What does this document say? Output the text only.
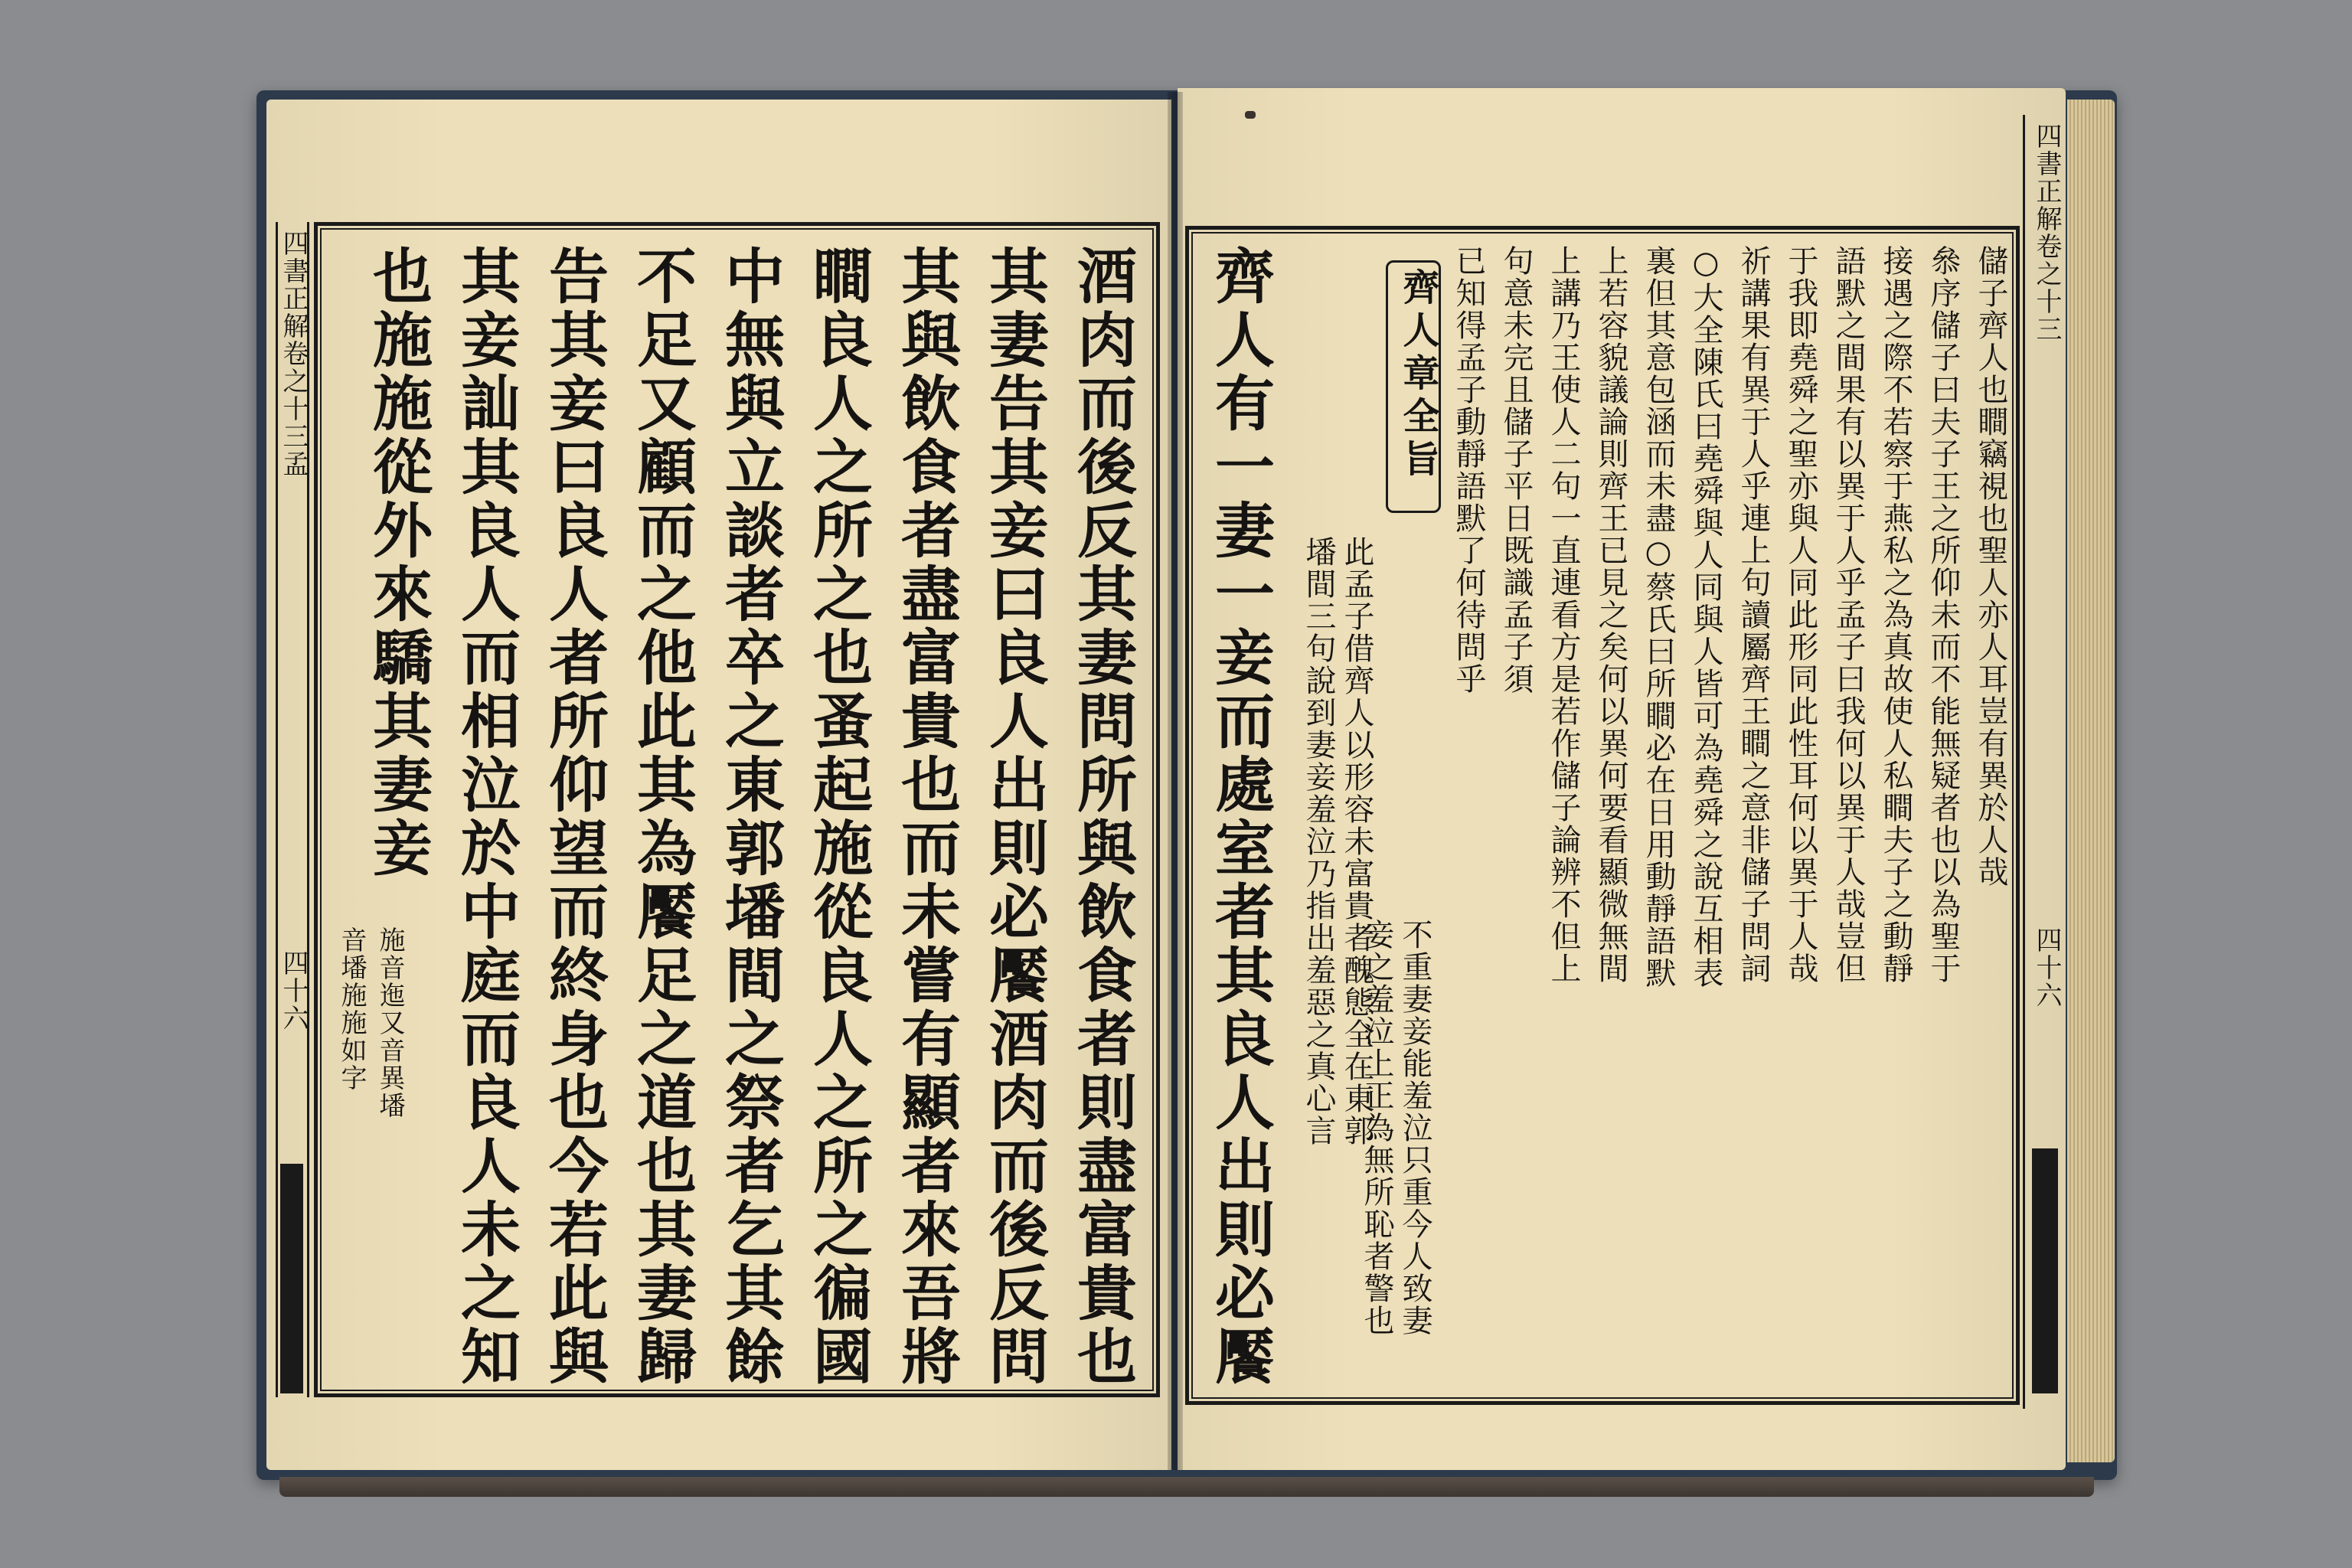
四書正解卷之十三孟
四十六	酒肉而後反其妻問所與飲食者則盡富貴也
其妻告其妾曰良人出則必饜酒肉而後反問
其與飲食者盡富貴也而未嘗有顯者來吾將
瞷良人之所之也蚤起施從良人之所之徧國
中無與立談者卒之東郭墦間之祭者乞其餘
不足又顧而之他此其為饜足之道也其妻歸
告其妾曰良人者所仰望而終身也今若此與
其妾訕其良人而相泣於中庭而良人未之知
也施施從外來驕其妻妾
施音迤又音異墦
音墦施施如字
四書正解卷之十三
四十六
齊人有一妻一妾而處室者其良人出則必饜	齊人章全旨
此孟子借齊人以形容未富貴者醜態全在東郭
墦間三句說到妻妾羞泣乃指出羞惡之真心言 不重妻妾能羞泣只重今人致妻
妾之羞泣上正為無所恥者警也
儲子齊人也瞷竊視也聖人亦人耳豈有異於人哉
叅序儲子曰夫子王之所仰未而不能無疑者也以為聖于
接遇之際不若察于燕私之為真故使人私瞷夫子之動靜
語默之間果有以異于人乎孟子曰我何以異于人哉豈但
于我即堯舜之聖亦與人同此形同此性耳何以異于人哉
祈講果有異于人乎連上句讀屬齊王瞷之意非儲子問詞
○大全陳氏曰堯舜與人同與人皆可為堯舜之說互相表
裏但其意包涵而未盡○蔡氏曰所瞷必在日用動靜語默
上若容貌議論則齊王已見之矣何以異何要看顯微無間
上講乃王使人二句一直連看方是若作儲子論辨不但上
句意未完且儲子平日既識孟子須
已知得孟子動靜語默了何待問乎
